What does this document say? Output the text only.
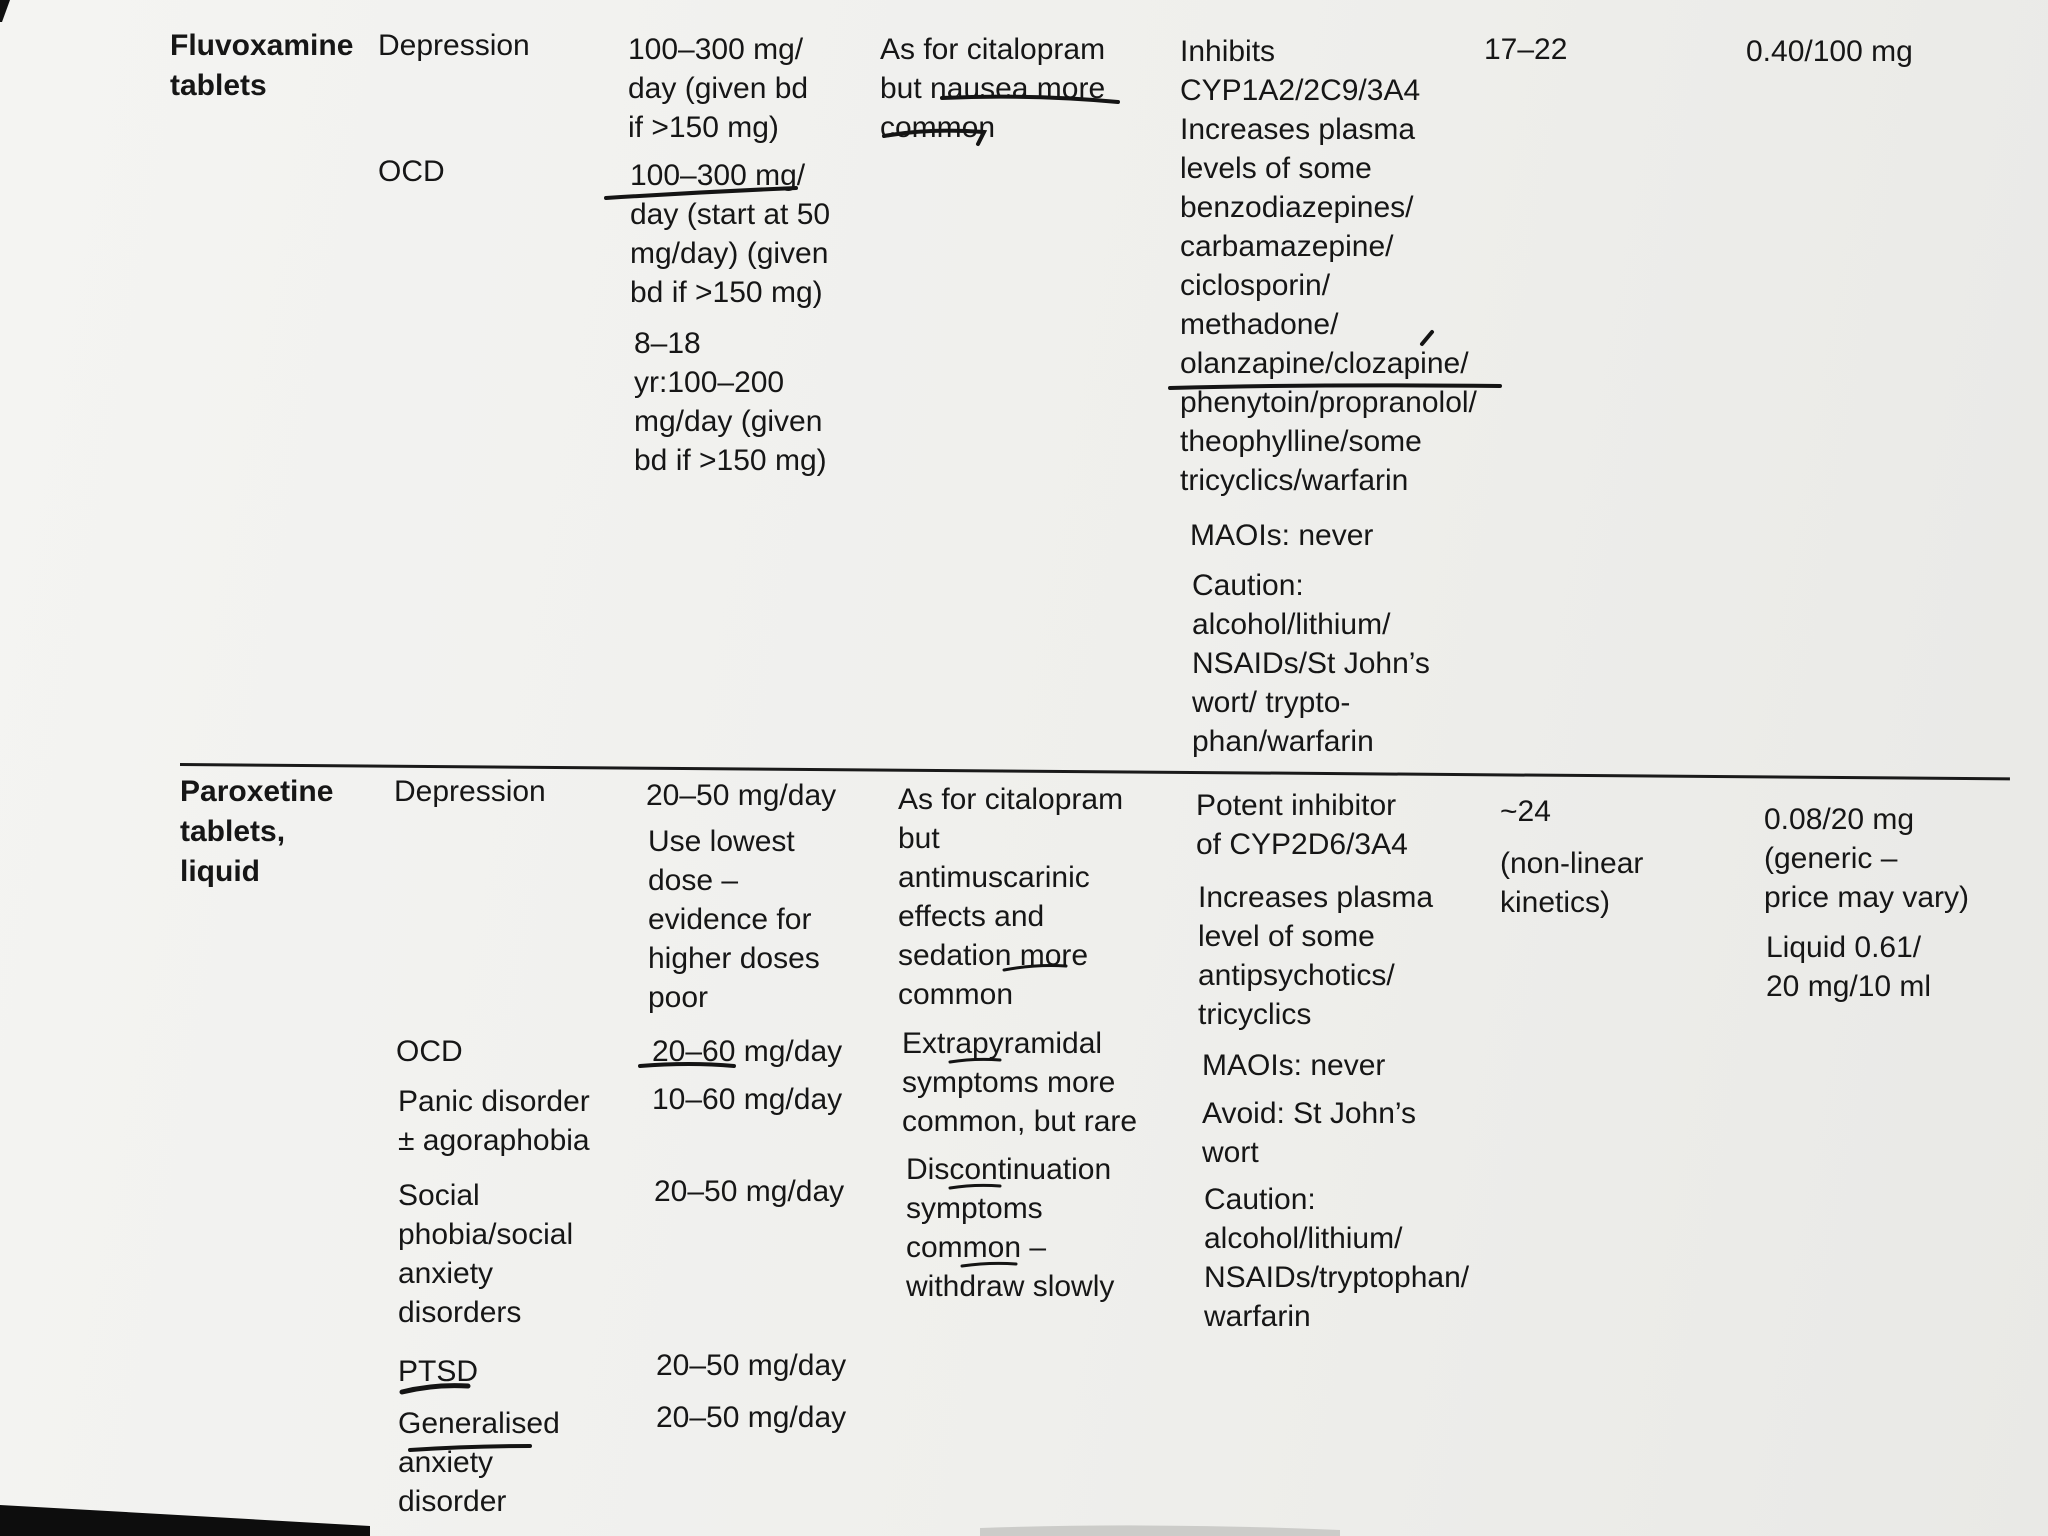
Fluvoxamine
tablets
Depression
OCD
100–300 mg/
day (given bd
if >150 mg)
100–300 mg/
day (start at 50
mg/day) (given
bd if >150 mg)
8–18
yr:100–200
mg/day (given
bd if >150 mg)
As for citalopram
but nausea more
common
Inhibits
CYP1A2/2C9/3A4
Increases plasma
levels of some
benzodiazepines/
carbamazepine/
ciclosporin/
methadone/
olanzapine/clozapine/
phenytoin/propranolol/
theophylline/some
tricyclics/warfarin
MAOIs: never
Caution:
alcohol/lithium/
NSAIDs/St John’s
wort/ trypto-
phan/warfarin
17–22	0.40/100 mg
Paroxetine
tablets,
liquid
Depression
OCD
Panic disorder
± agoraphobia
Social
phobia/social
anxiety
disorders
PTSD
Generalised
anxiety
disorder
20–50 mg/day
Use lowest
dose –
evidence for
higher doses
poor
20–60 mg/day
10–60 mg/day
20–50 mg/day
20–50 mg/day
20–50 mg/day
As for citalopram
but
antimuscarinic
effects and
sedation more
common
Extrapyramidal
symptoms more
common, but rare
Discontinuation
symptoms
common –
withdraw slowly
Potent inhibitor
of CYP2D6/3A4
Increases plasma
level of some
antipsychotics/
tricyclics
MAOIs: never
Avoid: St John’s
wort
Caution:
alcohol/lithium/
NSAIDs/tryptophan/
warfarin
~24
(non-linear
kinetics)
0.08/20 mg
(generic –
price may vary)
Liquid 0.61/
20 mg/10 ml
